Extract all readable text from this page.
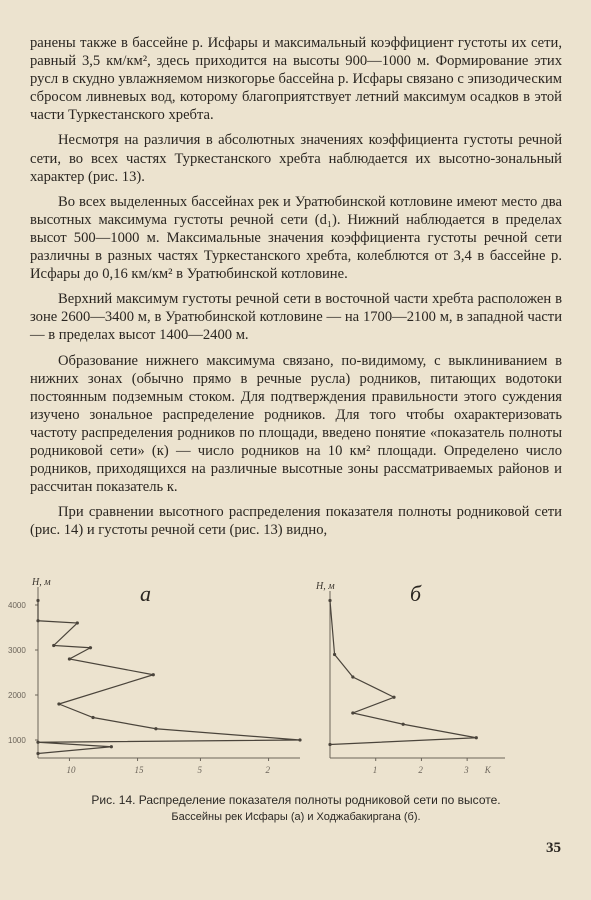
ранены также в бассейне р. Исфары и максимальный коэффициент густоты их сети, равный 3,5 км/км², здесь приходится на высоты 900—1000 м. Формирование этих русл в скудно увлажняемом низкогорье бассейна р. Исфары связано с эпизодическим сбросом ливневых вод, которому благоприятствует летний максимум осадков в этой части Туркестанского хребта.

Несмотря на различия в абсолютных значениях коэффициента густоты речной сети, во всех частях Туркестанского хребта наблюдается их высотно-зональный характер (рис. 13).

Во всех выделенных бассейнах рек и Уратюбинской котловине имеют место два высотных максимума густоты речной сети (d₁). Нижний наблюдается в пределах высот 500—1000 м. Максимальные значения коэффициента густоты речной сети различны в разных частях Туркестанского хребта, колеблются от 3,4 в бассейне р. Исфары до 0,16 км/км² в Уратюбинской котловине.

Верхний максимум густоты речной сети в восточной части хребта расположен в зоне 2600—3400 м, в Уратюбинской котловине — на 1700—2100 м, в западной части — в пределах высот 1400—2400 м.

Образование нижнего максимума связано, по-видимому, с выклиниванием в нижних зонах (обычно прямо в речные русла) родников, питающих водотоки постоянным подземным стоком. Для подтверждения правильности этого суждения изучено зональное распределение родников. Для того чтобы охарактеризовать частоту распределения родников по площади, введено понятие «показатель полноты родниковой сети» (к) — число родников на 10 км² площади. Определено число родников, приходящихся на различные высотные зоны рассматриваемых районов и рассчитан показатель к.

При сравнении высотного распределения показателя полноты родниковой сети (рис. 14) и густоты речной сети (рис. 13) видно,

Н, м	а
4000
3000
2000
1000
10	15	5	2
Н, м	б
1	2	3 К
Рис. 14. Распределение показателя полноты родниковой сети по высоте.
Бассейны рек Исфары (а) и Ходжабакиргана (б).
35
